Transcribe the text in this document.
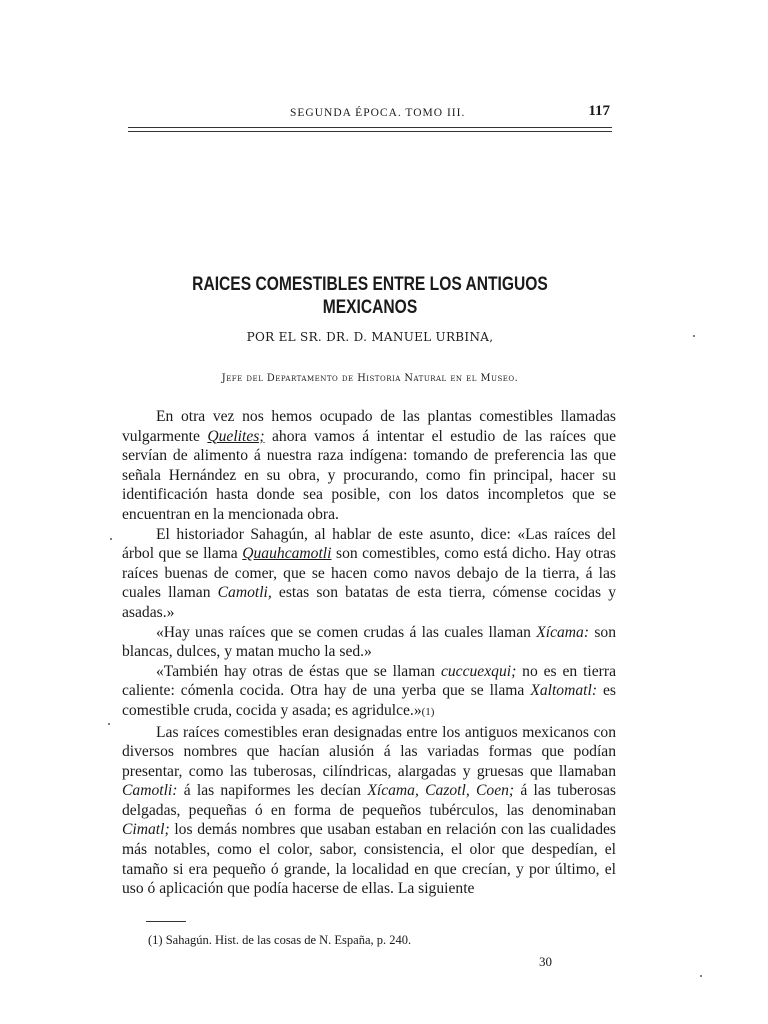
SEGUNDA ÉPOCA. TOMO III.	117
RAICES COMESTIBLES ENTRE LOS ANTIGUOS MEXICANOS
POR EL SR. DR. D. MANUEL URBINA,
Jefe del Departamento de Historia Natural en el Museo.

En otra vez nos hemos ocupado de las plantas comestibles llamadas vulgarmente Quelites; ahora vamos á intentar el estudio de las raíces que servían de alimento á nuestra raza indígena: tomando de preferencia las que señala Hernández en su obra, y procurando, como fin principal, hacer su identificación hasta donde sea posible, con los datos incompletos que se encuentran en la mencionada obra.

El historiador Sahagún, al hablar de este asunto, dice: «Las raíces del árbol que se llama Quauhcamotli son comestibles, como está dicho. Hay otras raíces buenas de comer, que se hacen como navos debajo de la tierra, á las cuales llaman Camotli, estas son batatas de esta tierra, cómense cocidas y asadas.»

«Hay unas raíces que se comen crudas á las cuales llaman Xícama: son blancas, dulces, y matan mucho la sed.»

«También hay otras de éstas que se llaman cuccuexqui; no es en tierra caliente: cómenla cocida. Otra hay de una yerba que se llama Xaltomatl: es comestible cruda, cocida y asada; es agridulce.»(1)

Las raíces comestibles eran designadas entre los antiguos mexicanos con diversos nombres que hacían alusión á las variadas formas que podían presentar, como las tuberosas, cilíndricas, alargadas y gruesas que llamaban Camotli: á las napiformes les decían Xícama, Cazotl, Coen; á las tuberosas delgadas, pequeñas ó en forma de pequeños tubérculos, las denominaban Cimatl; los demás nombres que usaban estaban en relación con las cualidades más notables, como el color, sabor, consistencia, el olor que despedían, el tamaño si era pequeño ó grande, la localidad en que crecían, y por último, el uso ó aplicación que podía hacerse de ellas. La siguiente

(1) Sahagún. Hist. de las cosas de N. España, p. 240.
30
